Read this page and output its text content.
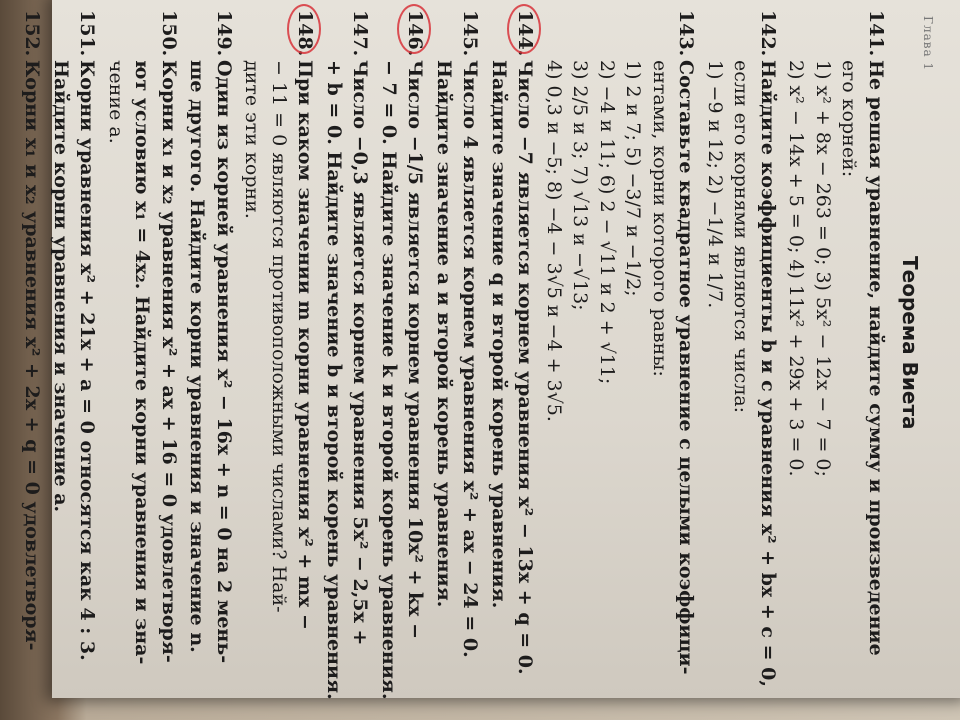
Глава 1
Теорема Виета
141.
Не решая уравнение, найдите сумму и произведение
его корней:
1) x² + 8x − 263 = 0; 3) 5x² − 12x − 7 = 0;
2) x² − 14x + 5 = 0; 4) 11x² + 29x + 3 = 0.
142.
Найдите коэффициенты b и c уравнения x² + bx + c = 0,
если его корнями являются числа:
1) −9 и 12; 2) −1/4 и 1/7.
143.
Составьте квадратное уравнение с целыми коэффици-
ентами, корни которого равны:
1) 2 и 7; 5) −3/7 и −1/2;
2) −4 и 11; 6) 2 − √11 и 2 + √11;
3) 2/5 и 3; 7) √13 и −√13;
4) 0,3 и −5; 8) −4 − 3√5 и −4 + 3√5.
144.
Число −7 является корнем уравнения x² − 13x + q = 0.
Найдите значение q и второй корень уравнения.
145.
Число 4 является корнем уравнения x² + ax − 24 = 0.
Найдите значение a и второй корень уравнения.
146.
Число −1/5 является корнем уравнения 10x² + kx −
− 7 = 0. Найдите значение k и второй корень уравнения.
147.
Число −0,3 является корнем уравнения 5x² − 2,5x +
+ b = 0. Найдите значение b и второй корень уравнения.
148.
При каком значении m корни уравнения x² + mx −
− 11 = 0 являются противоположными числами? Най-
дите эти корни.
149.
Один из корней уравнения x² − 16x + n = 0 на 2 мень-
ше другого. Найдите корни уравнения и значение n.
150.
Корни x₁ и x₂ уравнения x² + ax + 16 = 0 удовлетворя-
ют условию x₁ = 4x₂. Найдите корни уравнения и зна-
чение a.
151.
Корни уравнения x² + 21x + a = 0 относятся как 4 : 3.
Найдите корни уравнения и значение a.
152.
Корни x₁ и x₂ уравнения x² + 2x + q = 0 удовлетворя-
